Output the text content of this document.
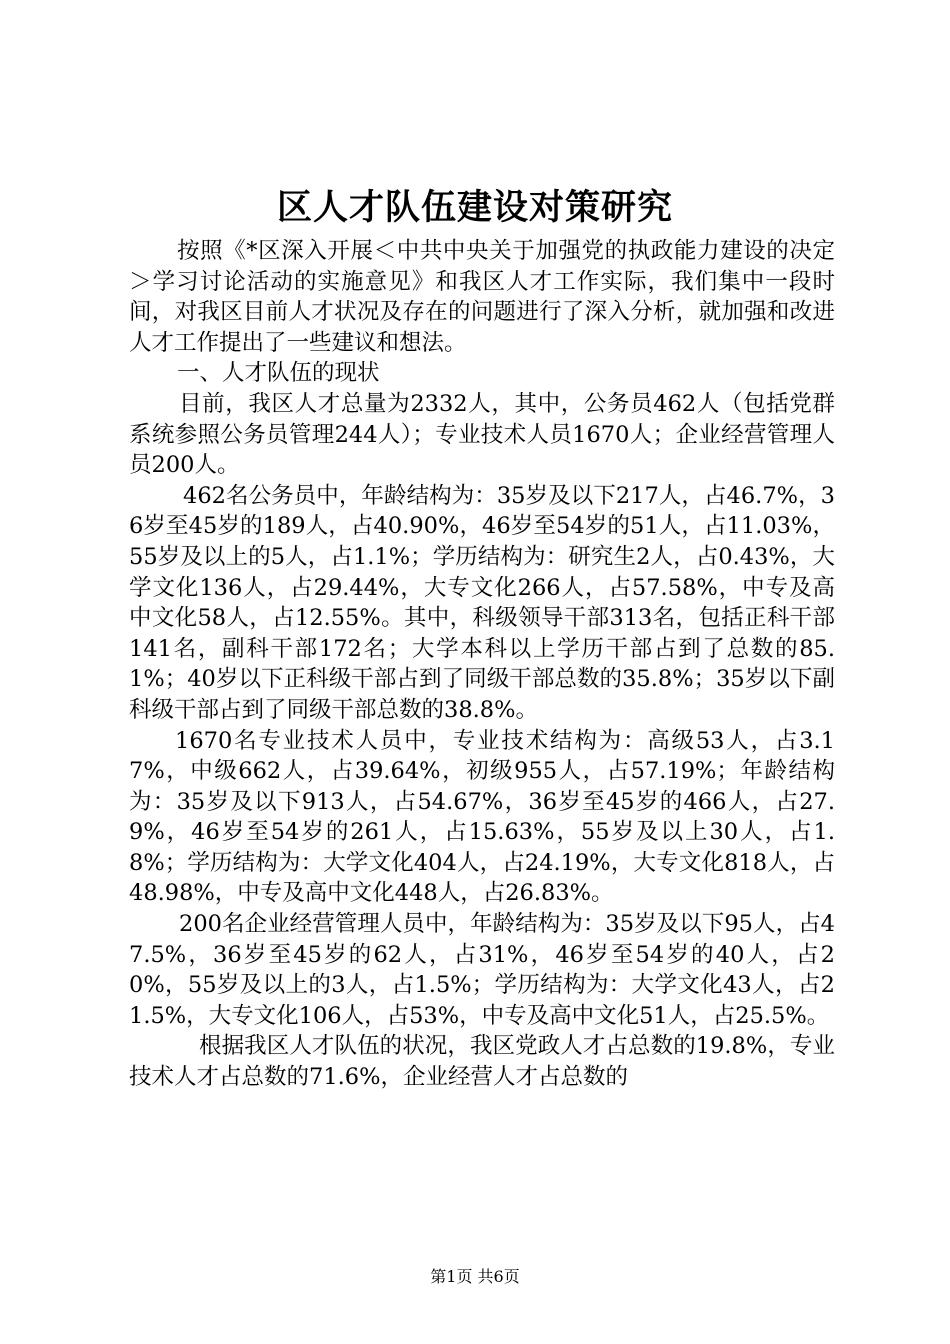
区人才队伍建设对策研究

按照《*区深入开展＜中共中央关于加强党的执政能力建设的决定＞学习讨论活动的实施意见》和我区人才工作实际，我们集中一段时间，对我区目前人才状况及存在的问题进行了深入分析，就加强和改进人才工作提出了一些建议和想法。

一、人才队伍的现状

目前，我区人才总量为2332人，其中，公务员462人（包括党群系统参照公务员管理244人）；专业技术人员1670人；企业经营管理人员200人。

462名公务员中，年龄结构为：35岁及以下217人，占46.7%，36岁至45岁的189人，占40.90%，46岁至54岁的51人，占11.03%，55岁及以上的5人，占1.1%；学历结构为：研究生2人，占0.43%，大学文化136人，占29.44%，大专文化266人，占57.58%，中专及高中文化58人，占12.55%。其中，科级领导干部313名，包括正科干部141名，副科干部172名；大学本科以上学历干部占到了总数的85.1%；40岁以下正科级干部占到了同级干部总数的35.8%；35岁以下副科级干部占到了同级干部总数的38.8%。

1670名专业技术人员中，专业技术结构为：高级53人，占3.17%，中级662人，占39.64%，初级955人，占57.19%；年龄结构为：35岁及以下913人，占54.67%，36岁至45岁的466人，占27.9%，46岁至54岁的261人，占15.63%，55岁及以上30人，占1.8%；学历结构为：大学文化404人，占24.19%，大专文化818人，占48.98%，中专及高中文化448人，占26.83%。

200名企业经营管理人员中，年龄结构为：35岁及以下95人，占47.5%，36岁至45岁的62人，占31%，46岁至54岁的40人，占20%，55岁及以上的3人，占1.5%；学历结构为：大学文化43人，占21.5%，大专文化106人，占53%，中专及高中文化51人，占25.5%。

根据我区人才队伍的状况，我区党政人才占总数的19.8%，专业技术人才占总数的71.6%，企业经营人才占总数的

第1页 共6页
